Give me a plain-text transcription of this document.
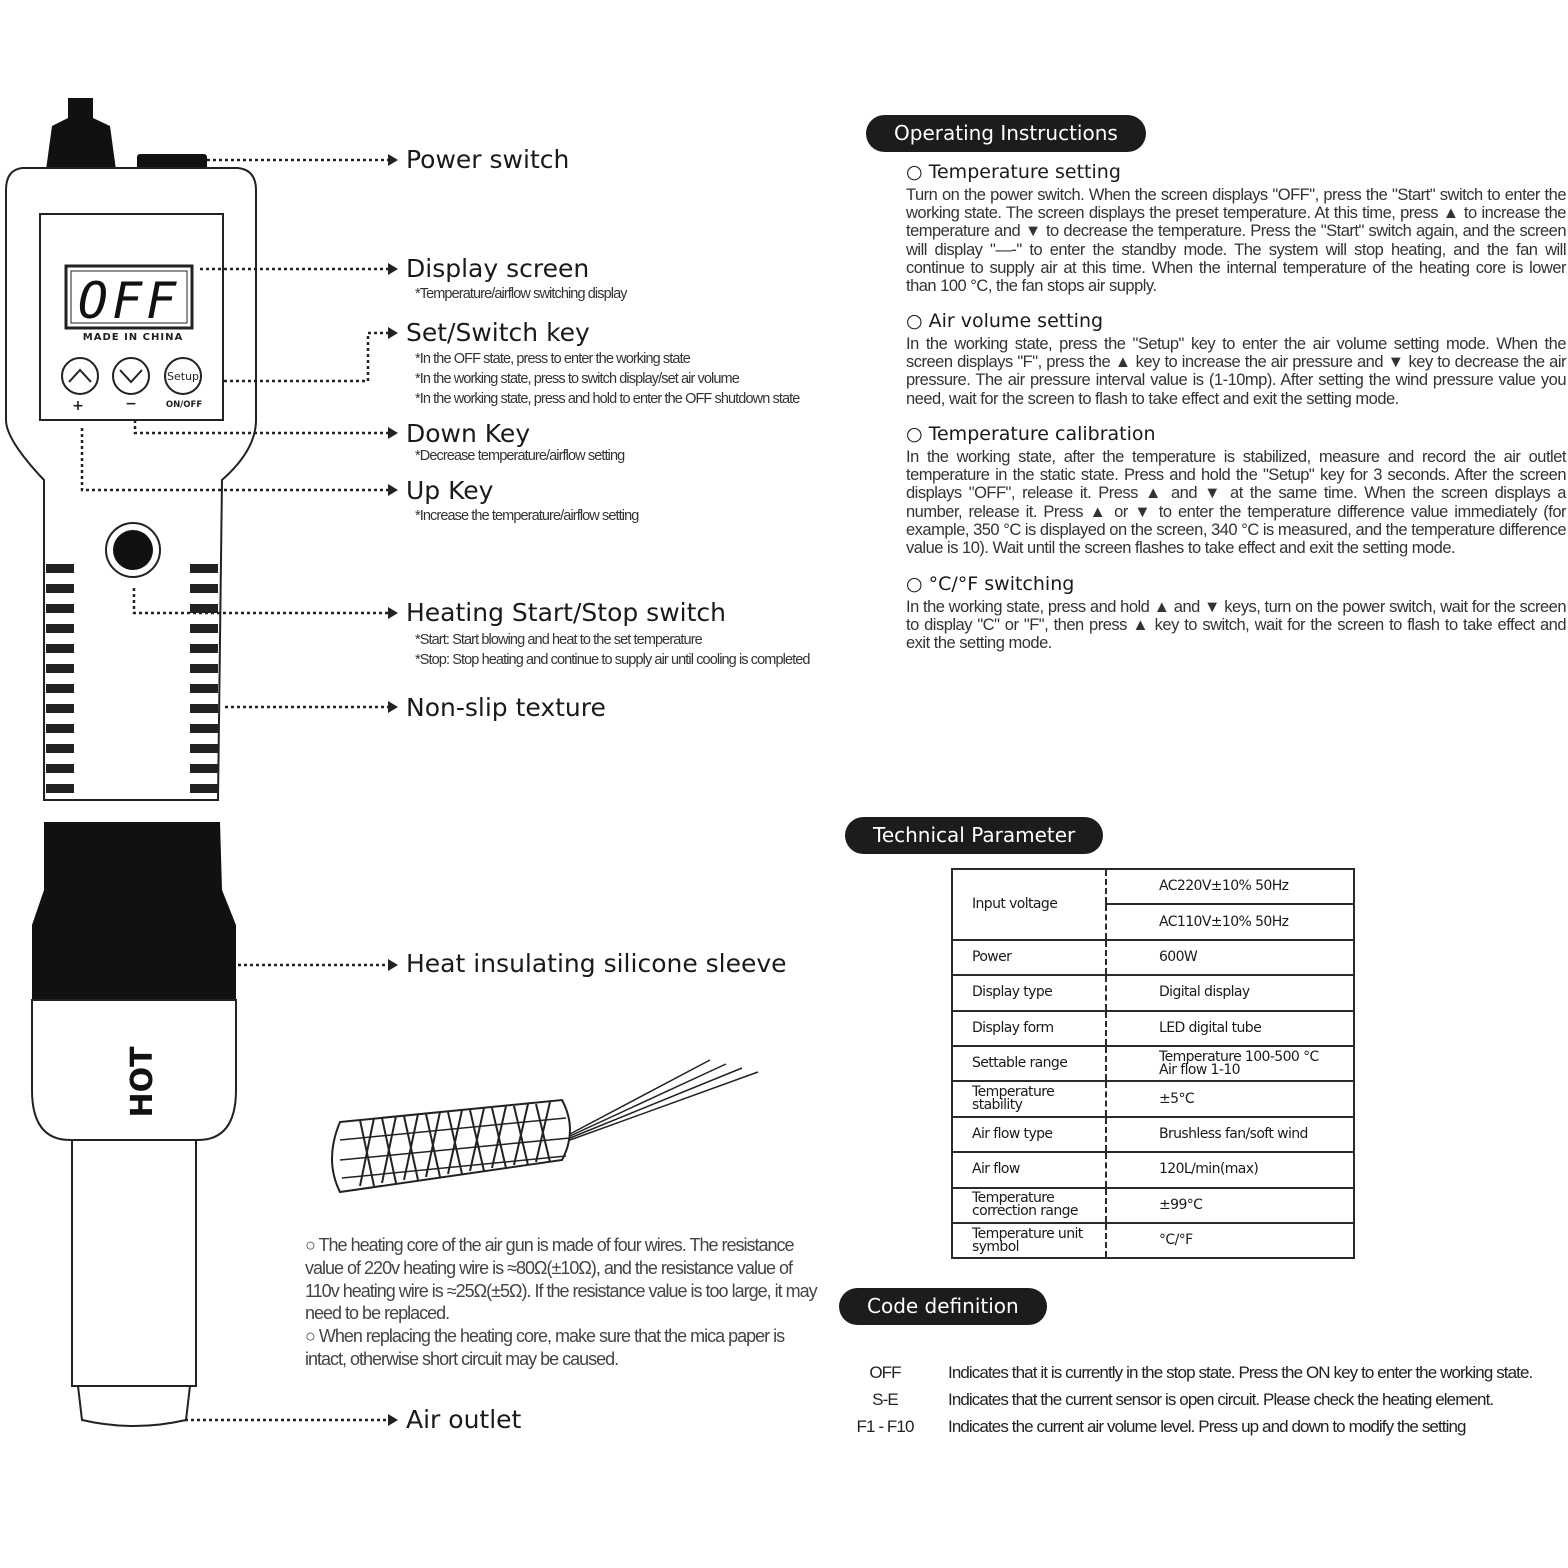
OFF
MADE IN CHINA
Setup
+	−	ON/OFF
HOT
Power switch
Display screen
*Temperature/airflow switching display
Set/Switch key
*In the OFF state, press to enter the working state
*In the working state, press to switch display/set air volume
*In the working state, press and hold to enter the OFF shutdown state
Down Key
*Decrease temperature/airflow setting
Up Key
*Increase the temperature/airflow setting
Heating Start/Stop switch
*Start: Start blowing and heat to the set temperature
*Stop: Stop heating and continue to supply air until cooling is completed
Non-slip texture
Heat insulating silicone sleeve
Air outlet
○ The heating core of the air gun is made of four wires. The resistance value of 220v heating wire is ≈80Ω(±10Ω), and the resistance value of 110v heating wire is ≈25Ω(±5Ω). If the resistance value is too large, it may need to be replaced.
○ When replacing the heating core, make sure that the mica paper is intact, otherwise short circuit may be caused.
Operating Instructions
○ Temperature setting
Turn on the power switch. When the screen displays "OFF", press the "Start" switch to enter the working state. The screen displays the preset temperature. At this time, press ▲ to increase the temperature and ▼ to decrease the temperature. Press the "Start" switch again, and the screen will display "—-" to enter the standby mode. The system will stop heating, and the fan will continue to supply air at this time. When the internal temperature of the heating core is lower than 100 °C, the fan stops air supply.
○ Air volume setting
In the working state, press the "Setup" key to enter the air volume setting mode. When the screen displays "F", press the ▲ key to increase the air pressure and ▼ key to decrease the air pressure. The air pressure interval value is (1-10mp). After setting the wind pressure value you need, wait for the screen to flash to take effect and exit the setting mode.
○ Temperature calibration
In the working state, after the temperature is stabilized, measure and record the air outlet temperature in the static state. Press and hold the "Setup" key for 3 seconds. After the screen displays "OFF", release it. Press ▲ and ▼ at the same time. When the screen displays a number, release it. Press ▲ or ▼ to enter the temperature difference value immediately (for example, 350 °C is displayed on the screen, 340 °C is measured, and the temperature difference value is 10). Wait until the screen flashes to take effect and exit the setting mode.
○ °C/°F switching
In the working state, press and hold ▲ and ▼ keys, turn on the power switch, wait for the screen to display "C" or "F", then press ▲ key to switch, wait for the screen to flash to take effect and exit the setting mode.
Technical Parameter
Input voltage	AC220V±10% 50Hz
	AC110V±10% 50Hz
Power	600W
Display type	Digital display
Display form	LED digital tube
Settable range	Temperature 100-500 °C
Air flow 1-10

Temperature stability	±5°C
Air flow type	Brushless fan/soft wind
Air flow	120L/min(max)
Temperature correction range	±99°C
Temperature unit symbol	°C/°F
Code definition
OFF	Indicates that it is currently in the stop state. Press the ON key to enter the working state.
S-E	Indicates that the current sensor is open circuit. Please check the heating element.
F1 - F10	Indicates the current air volume level. Press up and down to modify the setting
